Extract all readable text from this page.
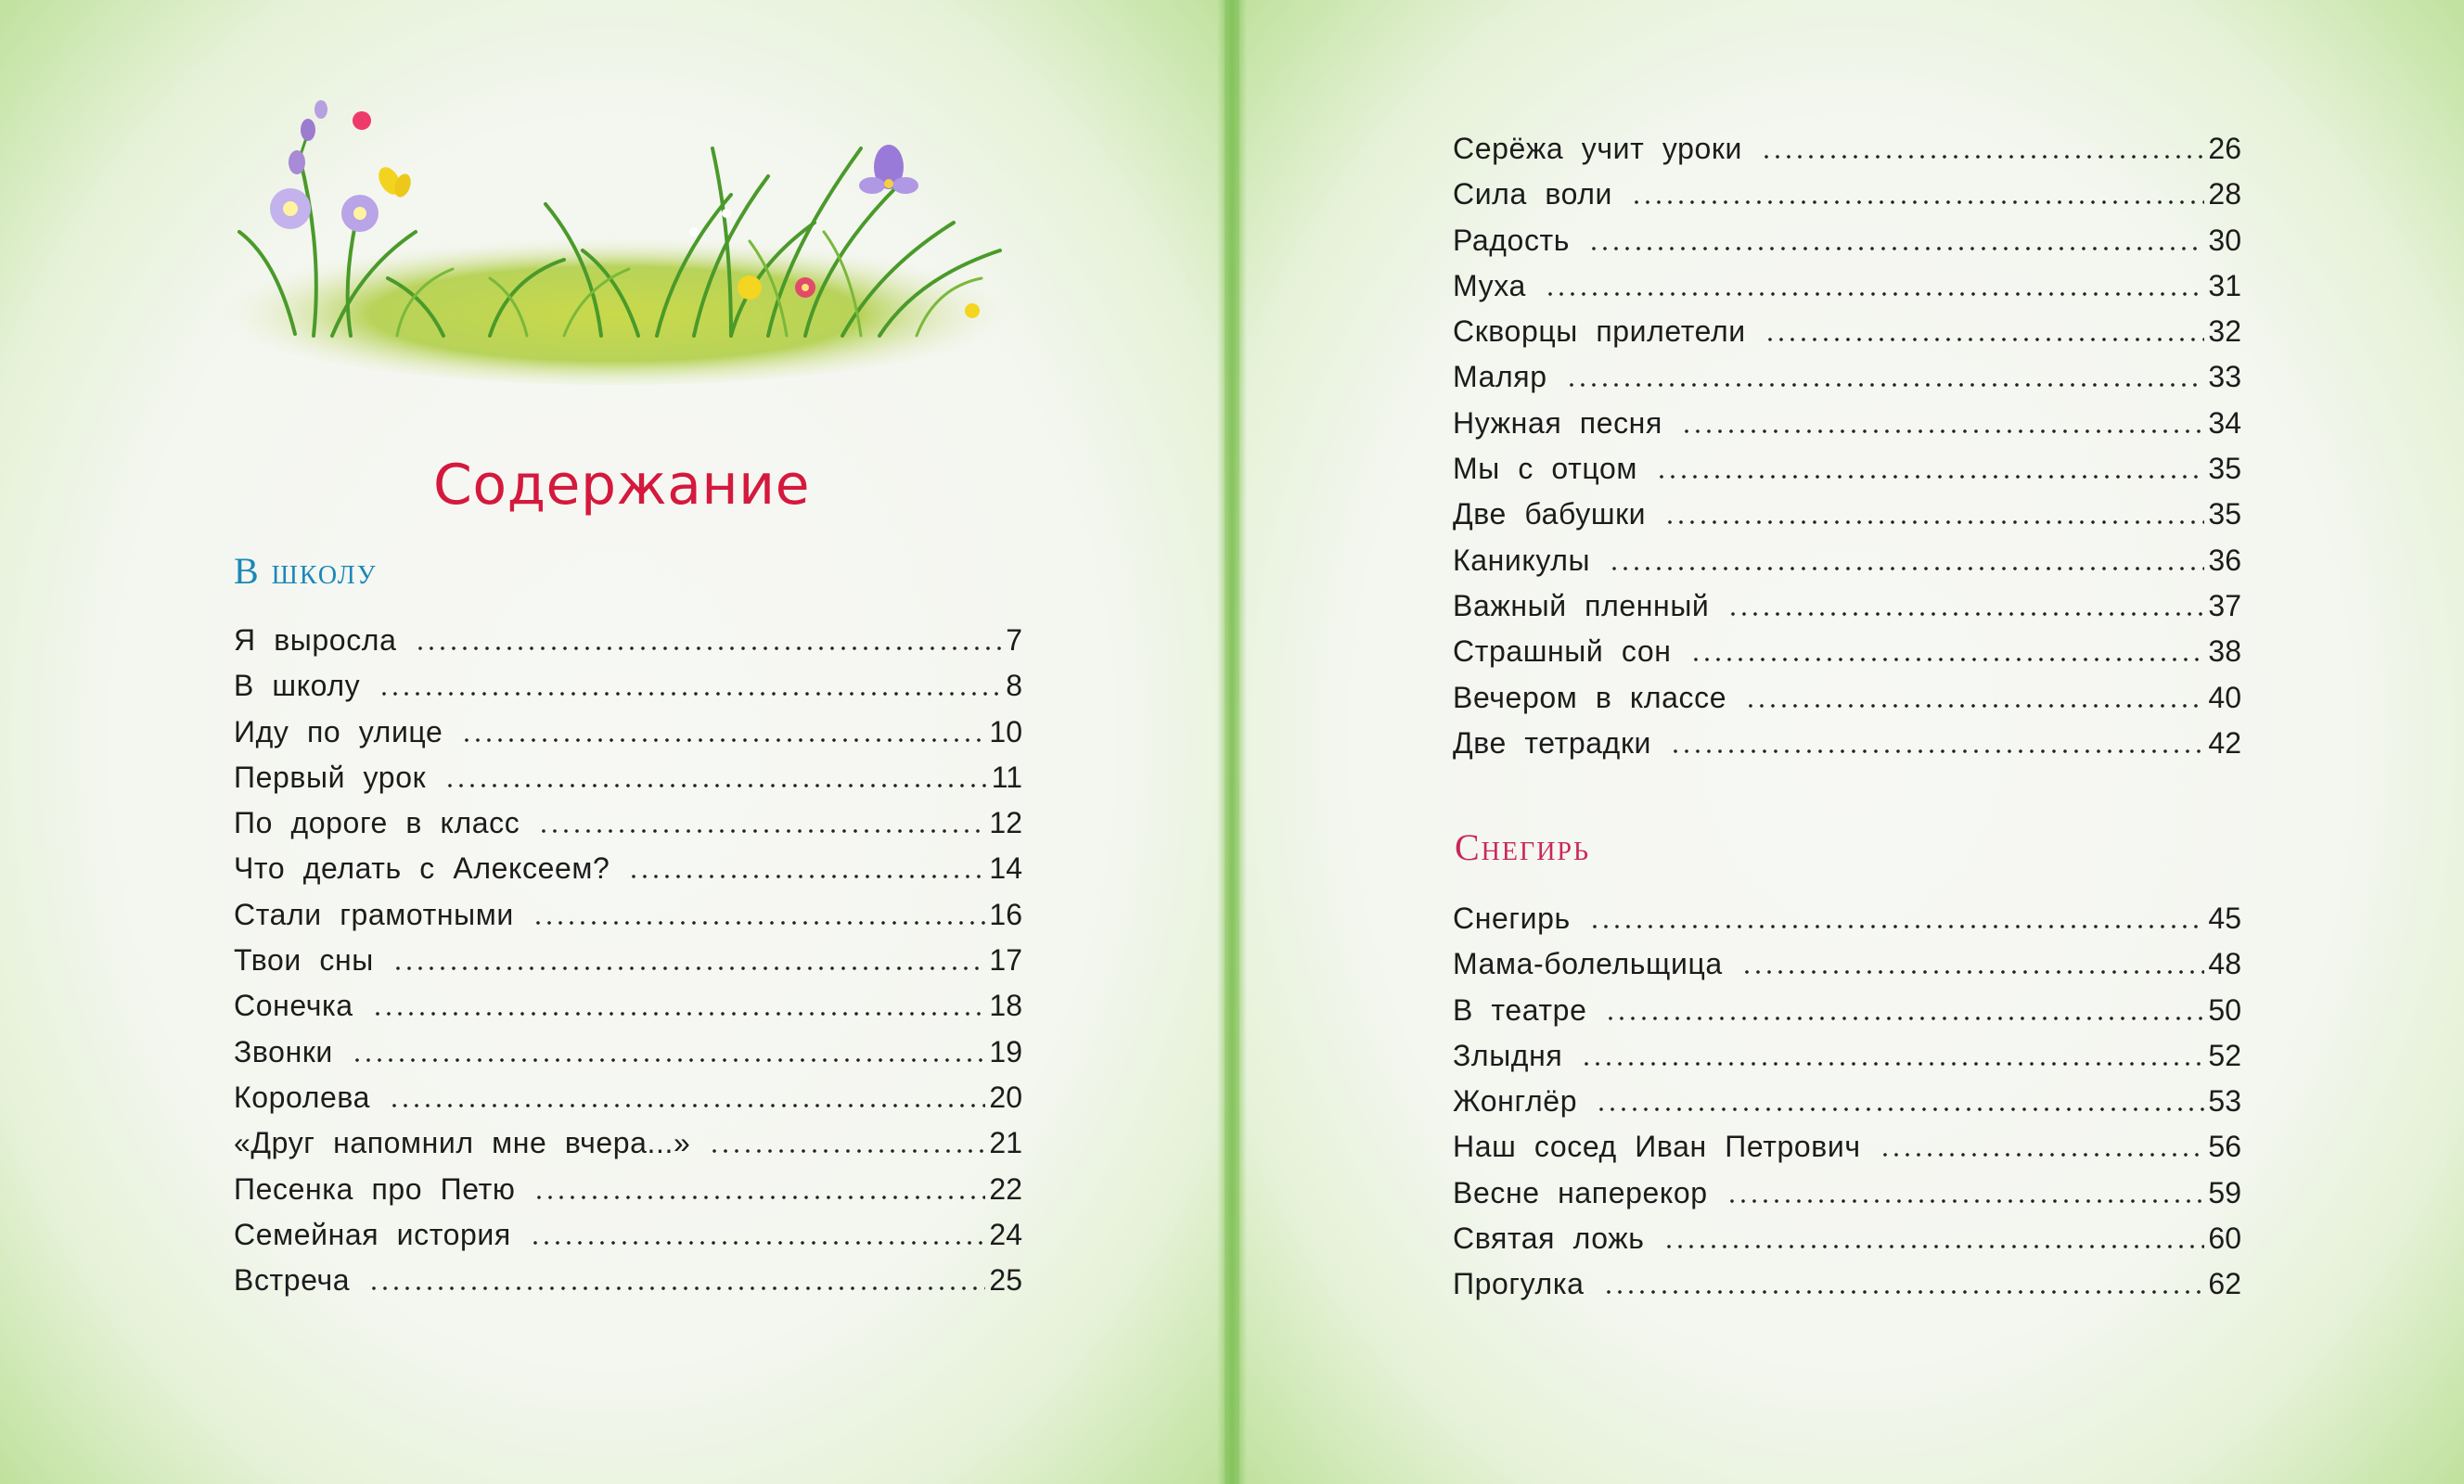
Содержание
В школу
Я выросла	7
В школу	8
Иду по улице	10
Первый урок	11
По дороге в класс	12
Что делать с Алексеем?	14
Стали грамотными	16
Твои сны	17
Сонечка	18
Звонки	19
Королева	20
«Друг напомнил мне вчера...»	21
Песенка про Петю	22
Семейная история	24
Встреча	25
Серёжа учит уроки	26
Сила воли	28
Радость	30
Муха	31
Скворцы прилетели	32
Маляр	33
Нужная песня	34
Мы с отцом	35
Две бабушки	35
Каникулы	36
Важный пленный	37
Страшный сон	38
Вечером в классе	40
Две тетрадки	42
Снегирь
Снегирь	45
Мама-болельщица	48
В театре	50
Злыдня	52
Жонглёр	53
Наш сосед Иван Петрович	56
Весне наперекор	59
Святая ложь	60
Прогулка	62
